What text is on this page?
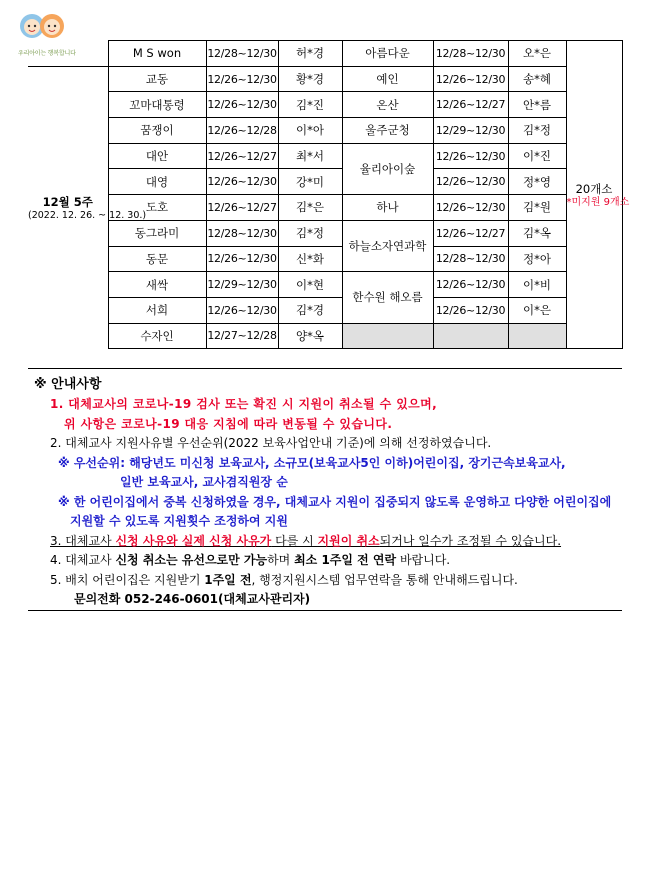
우리아이는 행복합니다
		M S won	12/28~12/30	허*경	아름다운	12/28~12/30	오*은	20개소
*미지원 9개소

12월 5주
(2022. 12. 26. ~ 12. 30.)	교동	12/26~12/30	황*경	예인	12/26~12/30	송*혜	
	꼬마대통령	12/26~12/30	김*진	온산	12/26~12/27	안*름	
	꿈쟁이	12/26~12/28	이*아	울주군청	12/29~12/30	김*정	
	대안	12/26~12/27	최*서	율리아이숲	12/26~12/30	이*진	
	대영	12/26~12/30	강*미		12/26~12/30	정*영	
	도호	12/26~12/27	김*은	하나	12/26~12/30	김*원	
	동그라미	12/28~12/30	김*정	하늘소자연과학	12/26~12/27	김*옥	
	동문	12/26~12/30	신*화		12/28~12/30	정*아	
	새싹	12/29~12/30	이*현	한수원 해오름	12/26~12/30	이*비	
	서희	12/26~12/30	김*경		12/26~12/30	이*은	
	수자인	12/27~12/28	양*옥				
※ 안내사항
1. 대체교사의 코로나-19 검사 또는 확진 시 지원이 취소될 수 있으며,
위 사항은 코로나-19 대응 지침에 따라 변동될 수 있습니다.
2. 대체교사 지원사유별 우선순위(2022 보육사업안내 기준)에 의해 선정하였습니다.
※ 우선순위: 해당년도 미신청 보육교사, 소규모(보육교사5인 이하)어린이집, 장기근속보육교사,
일반 보육교사, 교사겸직원장 순
※ 한 어린이집에서 중복 신청하였을 경우, 대체교사 지원이 집중되지 않도록 운영하고 다양한 어린이집에
지원할 수 있도록 지원횟수 조정하여 지원
3. 대체교사 신청 사유와 실제 신청 사유가 다를 시 지원이 취소되거나 일수가 조정될 수 있습니다.
4. 대체교사 신청 취소는 유선으로만 가능하며 최소 1주일 전 연락 바랍니다.
5. 배치 어린이집은 지원받기 1주일 전, 행정지원시스템 업무연락을 통해 안내해드립니다.
문의전화 052-246-0601(대체교사관리자)
